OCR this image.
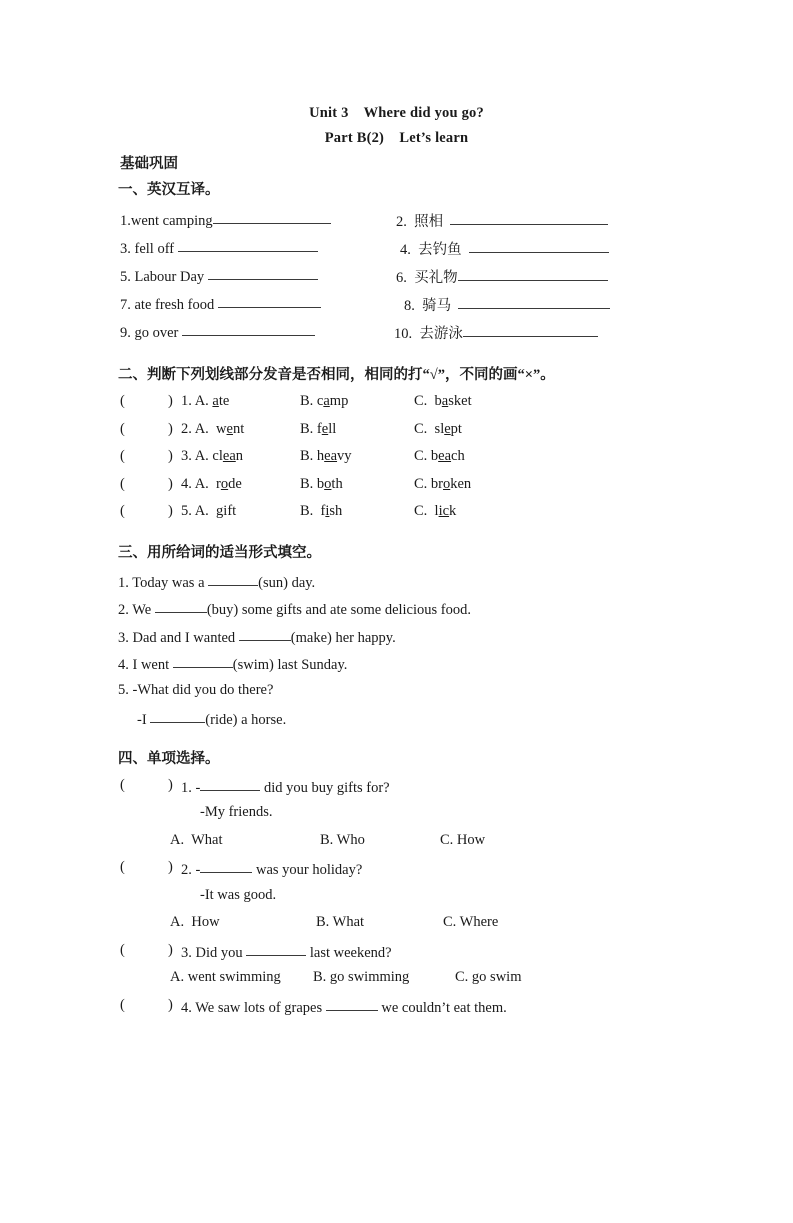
Unit 3    Where did you go?
Part B(2)    Let’s learn
基础巩固
一、英汉互译。
1.went camping	2.  照相
3. fell off	4.  去钓鱼
5. Labour Day	6.  买礼物
7. ate fresh food	8.  骑马
9. go over	10.  去游泳
二、判断下列划线部分发音是否相同，相同的打“√”，不同的画“×”。
(	) 1. A. ate	B. camp	C.  basket
(	) 2. A.  went	B. fell	C.  slept
(	) 3. A. clean	B. heavy	C. beach
(	) 4. A.  rode	B. both	C. broken
(	) 5. A.  gift	B.  fish	C.  lick
三、用所给词的适当形式填空。
1. Today was a	(sun) day.
2. We	(buy) some gifts and ate some delicious food.
3. Dad and I wanted	(make) her happy.
4. I went	(swim) last Sunday.
5. -What did you do there?
-I	(ride) a horse.
四、单项选择。
(	) 1. -	did you buy gifts for?
-My friends.
A.  What	B. Who	C. How
(	) 2. -	was your holiday?
-It was good.
A.  How	B. What	C. Where
(	) 3. Did you	last weekend?
A. went swimming B. go swimming	C. go swim
(	) 4. We saw lots of grapes	we couldn’t eat them.
